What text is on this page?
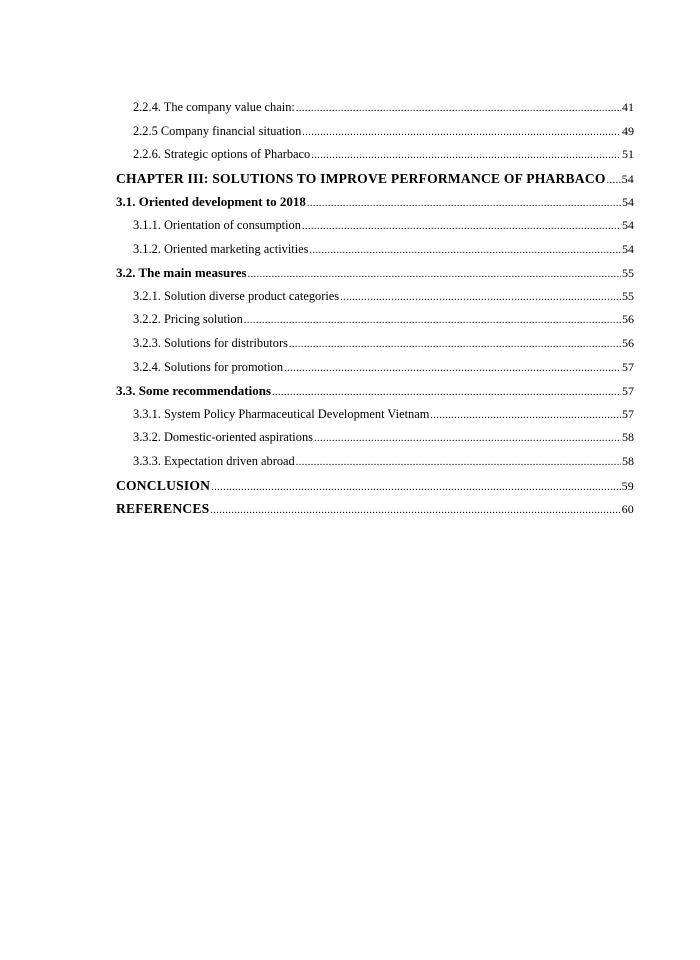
2.2.4. The company value chain: .....	41
2.2.5 Company financial situation .....	49
2.2.6. Strategic options of Pharbaco .....	51
CHAPTER III: SOLUTIONS TO IMPROVE PERFORMANCE OF PHARBACO ..... 54
3.1. Oriented development to 2018 .....	54
3.1.1. Orientation of consumption .....	54
3.1.2. Oriented marketing activities .....	54
3.2. The main measures .....	55
3.2.1. Solution diverse product categories .....	55
3.2.2. Pricing solution .....	56
3.2.3. Solutions for distributors .....	56
3.2.4. Solutions for promotion .....	57
3.3. Some recommendations .....	57
3.3.1. System Policy Pharmaceutical Development Vietnam .....	57
3.3.2. Domestic-oriented aspirations .....	58
3.3.3. Expectation driven abroad .....	58
CONCLUSION .....	59
REFERENCES .....	60
